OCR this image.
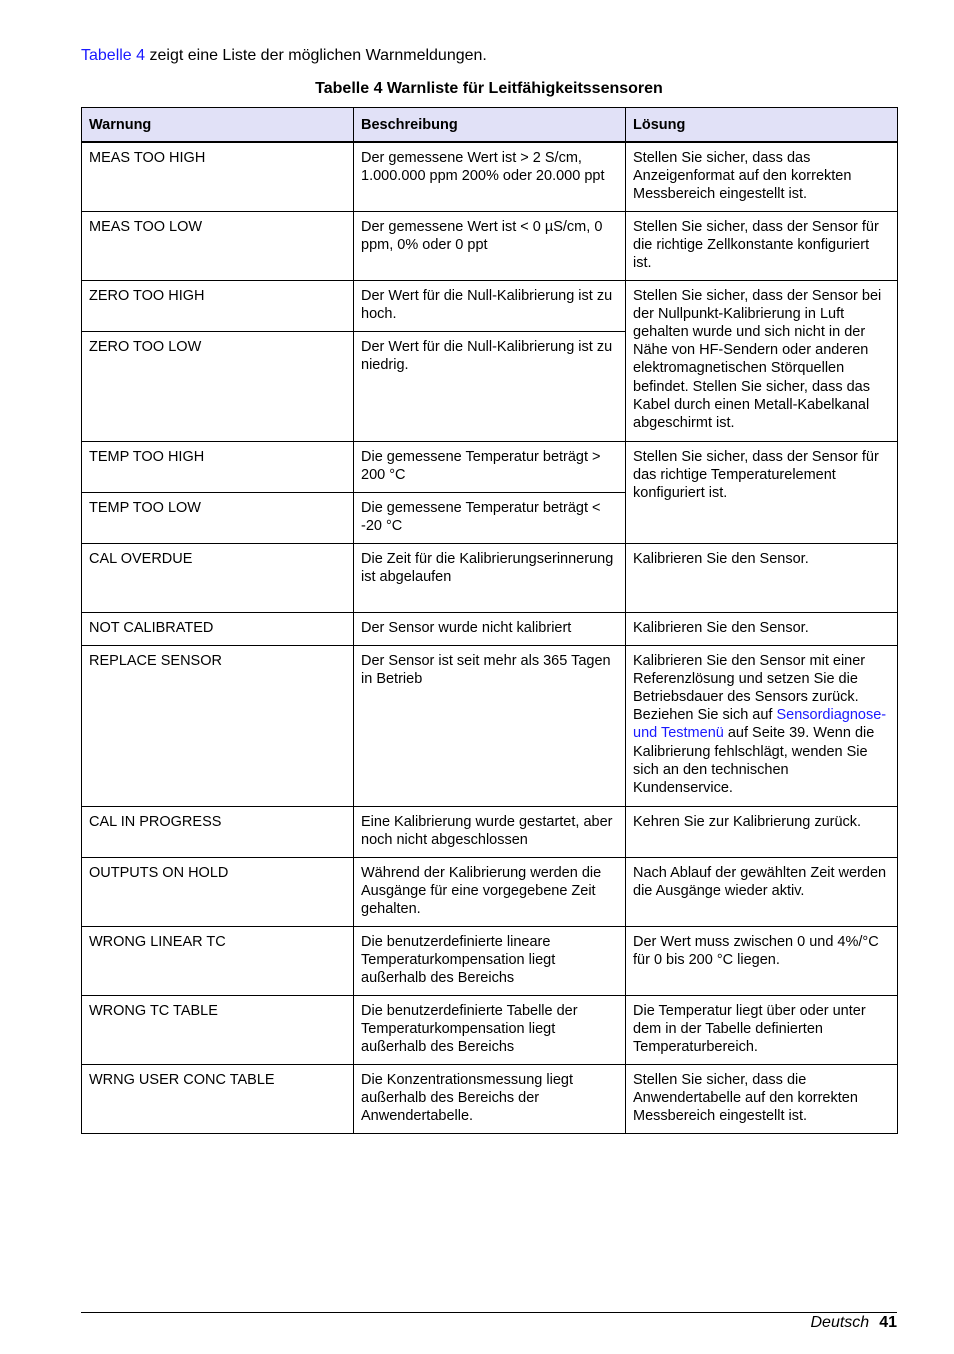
Tabelle 4 zeigt eine Liste der möglichen Warnmeldungen.
Tabelle 4 Warnliste für Leitfähigkeitssensoren
Warnung	Beschreibung	Lösung
MEAS TOO HIGH	Der gemessene Wert ist > 2 S/cm, 1.000.000 ppm 200% oder 20.000 ppt	Stellen Sie sicher, dass das Anzeigenformat auf den korrekten Messbereich eingestellt ist.
MEAS TOO LOW	Der gemessene Wert ist < 0 µS/cm, 0 ppm, 0% oder 0 ppt	Stellen Sie sicher, dass der Sensor für die richtige Zellkonstante konfiguriert ist.
ZERO TOO HIGH	Der Wert für die Null-Kalibrierung ist zu hoch.	Stellen Sie sicher, dass der Sensor bei der Nullpunkt-Kalibrierung in Luft gehalten wurde und sich nicht in der Nähe von HF-Sendern oder anderen elektromagnetischen Störquellen befindet. Stellen Sie sicher, dass das Kabel durch einen Metall-Kabelkanal abgeschirmt ist.
ZERO TOO LOW	Der Wert für die Null-Kalibrierung ist zu niedrig.	
TEMP TOO HIGH	Die gemessene Temperatur beträgt > 200 °C	Stellen Sie sicher, dass der Sensor für das richtige Temperaturelement konfiguriert ist.
TEMP TOO LOW	Die gemessene Temperatur beträgt < -20 °C	
CAL OVERDUE	Die Zeit für die Kalibrierungserinnerung ist abgelaufen	Kalibrieren Sie den Sensor.
NOT CALIBRATED	Der Sensor wurde nicht kalibriert	Kalibrieren Sie den Sensor.
REPLACE SENSOR	Der Sensor ist seit mehr als 365 Tagen in Betrieb	Kalibrieren Sie den Sensor mit einer Referenzlösung und setzen Sie die Betriebsdauer des Sensors zurück. Beziehen Sie sich auf Sensordiagnose- und Testmenü auf Seite 39. Wenn die Kalibrierung fehlschlägt, wenden Sie sich an den technischen Kundenservice.
CAL IN PROGRESS	Eine Kalibrierung wurde gestartet, aber noch nicht abgeschlossen	Kehren Sie zur Kalibrierung zurück.
OUTPUTS ON HOLD	Während der Kalibrierung werden die Ausgänge für eine vorgegebene Zeit gehalten.	Nach Ablauf der gewählten Zeit werden die Ausgänge wieder aktiv.
WRONG LINEAR TC	Die benutzerdefinierte lineare Temperaturkompensation liegt außerhalb des Bereichs	Der Wert muss zwischen 0 und 4%/°C für 0 bis 200 °C liegen.
WRONG TC TABLE	Die benutzerdefinierte Tabelle der Temperaturkompensation liegt außerhalb des Bereichs	Die Temperatur liegt über oder unter dem in der Tabelle definierten Temperaturbereich.
WRNG USER CONC TABLE	Die Konzentrationsmessung liegt außerhalb des Bereichs der Anwendertabelle.	Stellen Sie sicher, dass die Anwendertabelle auf den korrekten Messbereich eingestellt ist.
Deutsch 41
